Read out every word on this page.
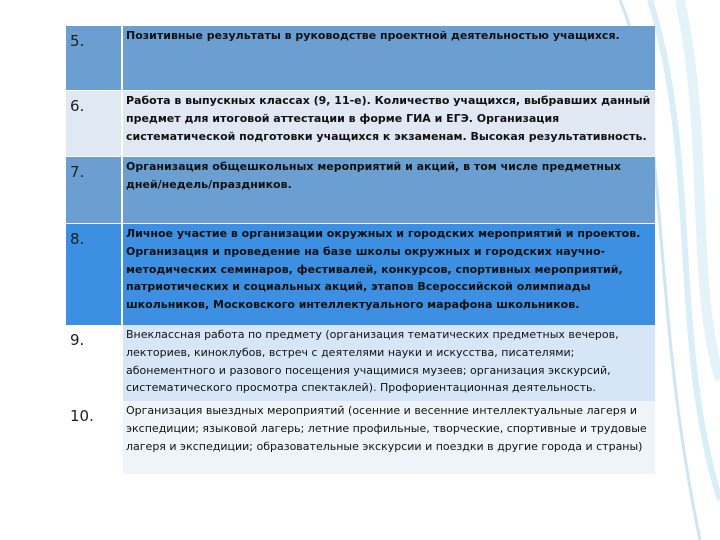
5.	Позитивные результаты в руководстве проектной деятельностью учащихся.
6.	Работа в выпускных классах (9, 11-е). Количество учащихся, выбравших данный предмет для итоговой аттестации в форме ГИА и ЕГЭ. Организация систематической подготовки учащихся к экзаменам. Высокая результативность.
7.	Организация общешкольных мероприятий и акций, в том числе предметных дней/недель/праздников.
8.	Личное участие в организации окружных и городских мероприятий и проектов. Организация и проведение на базе школы окружных и городских научно-методических семинаров, фестивалей, конкурсов, спортивных мероприятий, патриотических и социальных акций, этапов Всероссийской олимпиады школьников, Московского интеллектуального марафона школьников.
9.	Внеклассная работа по предмету (организация тематических предметных вечеров, лекториев, киноклубов, встреч с деятелями науки и искусства, писателями; абонементного и разового посещения учащимися музеев; организация экскурсий, систематического просмотра спектаклей). Профориентационная деятельность.
10.	Организация выездных мероприятий (осенние и весенние интеллектуальные лагеря и экспедиции; языковой лагерь; летние профильные, творческие, спортивные и трудовые лагеря и экспедиции; образовательные экскурсии и поездки в другие города и страны)
